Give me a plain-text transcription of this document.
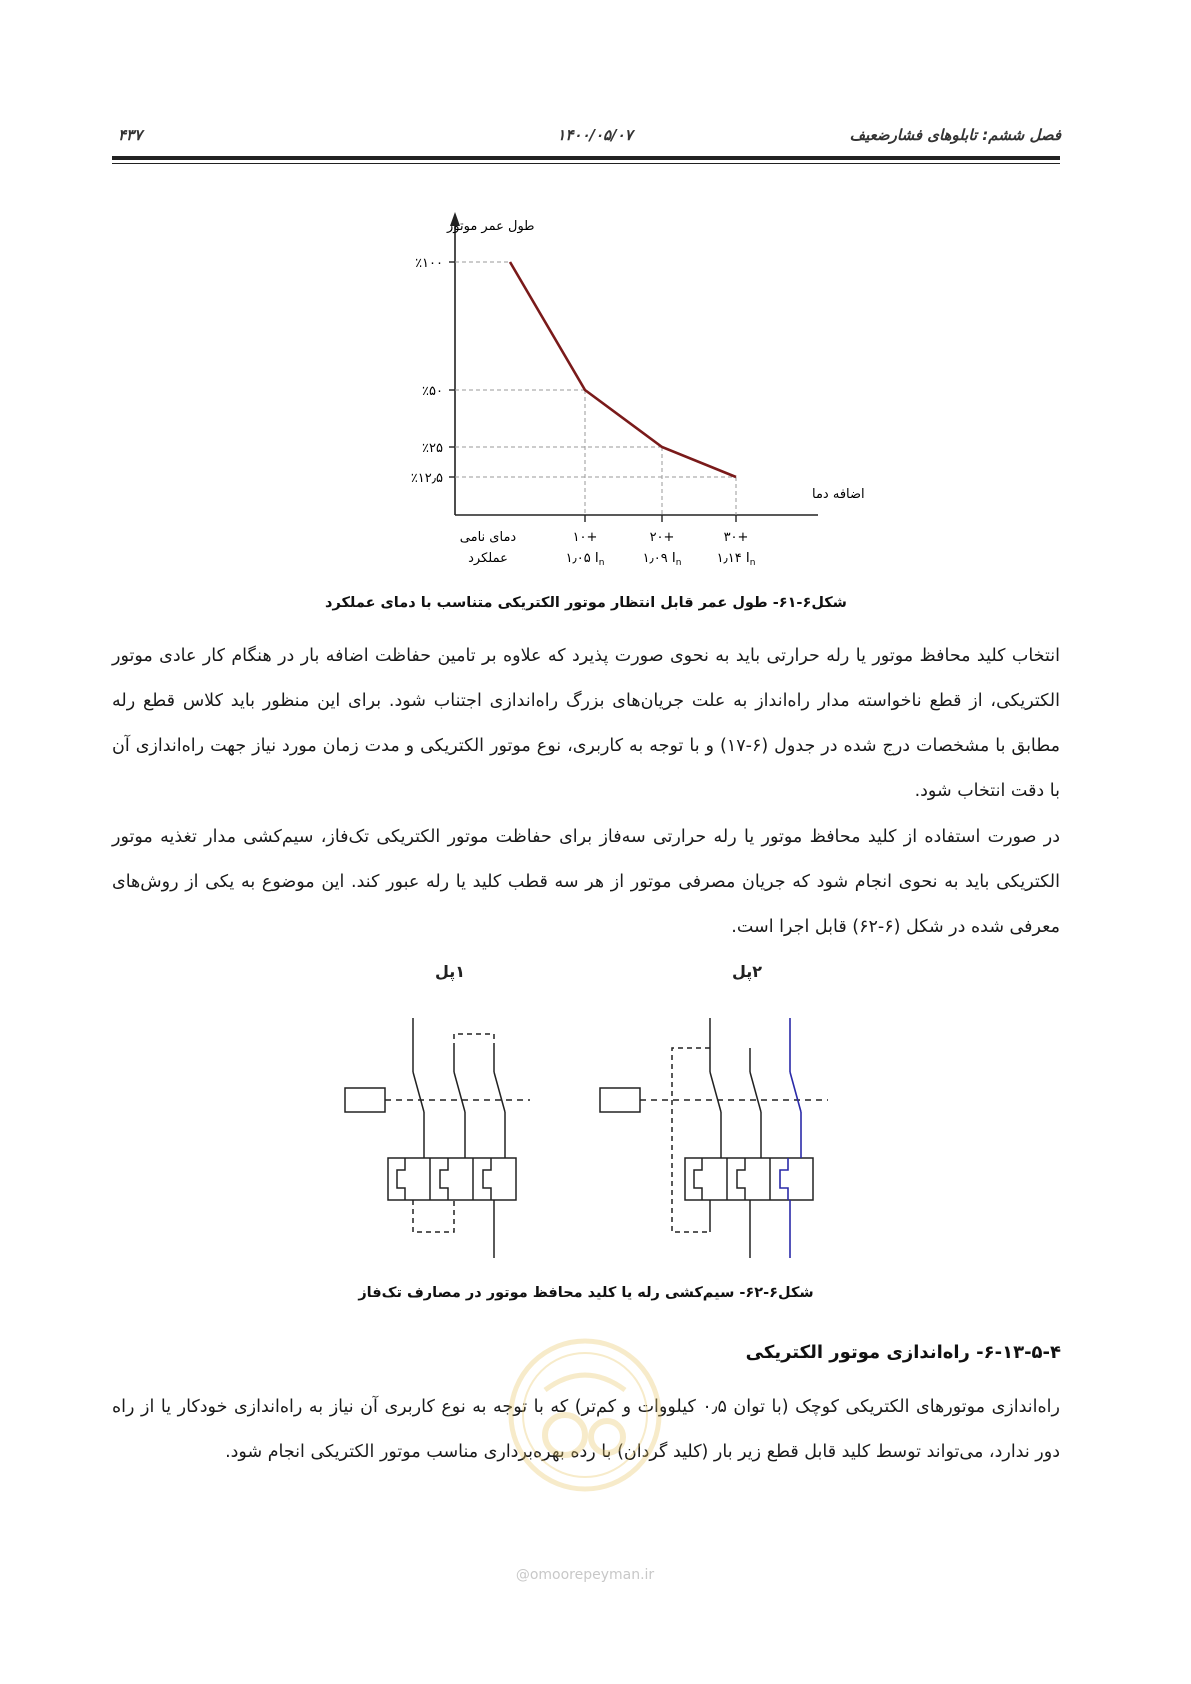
فصل ششم: تابلوهای فشارضعیف
۱۴۰۰/۰۵/۰۷
۴۳۷
٪۱۰۰
٪۵۰
٪۲۵
٪۱۲٫۵
دمای نامی
عملکرد
+۱۰
۱٫۰۵ $I_n$
+۲۰
۱٫۰۹ $I_n$
+۳۰
۱٫۱۴ $I_n$
طول عمر موتور
اضافه دما
شکل۶-۶۱- طول عمر قابل انتظار موتور الکتریکی متناسب با دمای عملکرد
انتخاب کلید محافظ موتور یا رله حرارتی باید به نحوی صورت پذیرد که علاوه بر تامین حفاظت اضافه بار در هنگام کار عادی موتور الکتریکی، از قطع ناخواسته مدار راه‌انداز به علت جریان‌های بزرگ راه‌اندازی اجتناب شود. برای این منظور باید کلاس قطع رله مطابق با مشخصات درج شده در جدول (۶-۱۷) و با توجه به کاربری، نوع موتور الکتریکی و مدت زمان مورد نیاز جهت راه‌اندازی آن با دقت انتخاب شود.
در صورت استفاده از کلید محافظ موتور یا رله حرارتی سه‌فاز برای حفاظت موتور الکتریکی تک‌فاز، سیم‌کشی مدار تغذیه موتور الکتریکی باید به نحوی انجام شود که جریان مصرفی موتور از هر سه قطب کلید یا رله عبور کند. این موضوع به یکی از روش‌های معرفی شده در شکل (۶-۶۲) قابل اجرا است.
۱پل	۲پل
شکل۶-۶۲- سیم‌کشی رله یا کلید محافظ موتور در مصارف تک‌فاز
۶-۱۳-۵-۴- راه‌اندازی موتور الکتریکی
راه‌اندازی موتورهای الکتریکی کوچک (با توان ۰٫۵ کیلووات و کم‌تر) که با توجه به نوع کاربری آن نیاز به راه‌اندازی خودکار یا از راه دور ندارد، می‌تواند توسط کلید قابل قطع زیر بار (کلید گردان) با رده بهره‌برداری مناسب موتور الکتریکی انجام شود.
@omoorepeyman.ir
